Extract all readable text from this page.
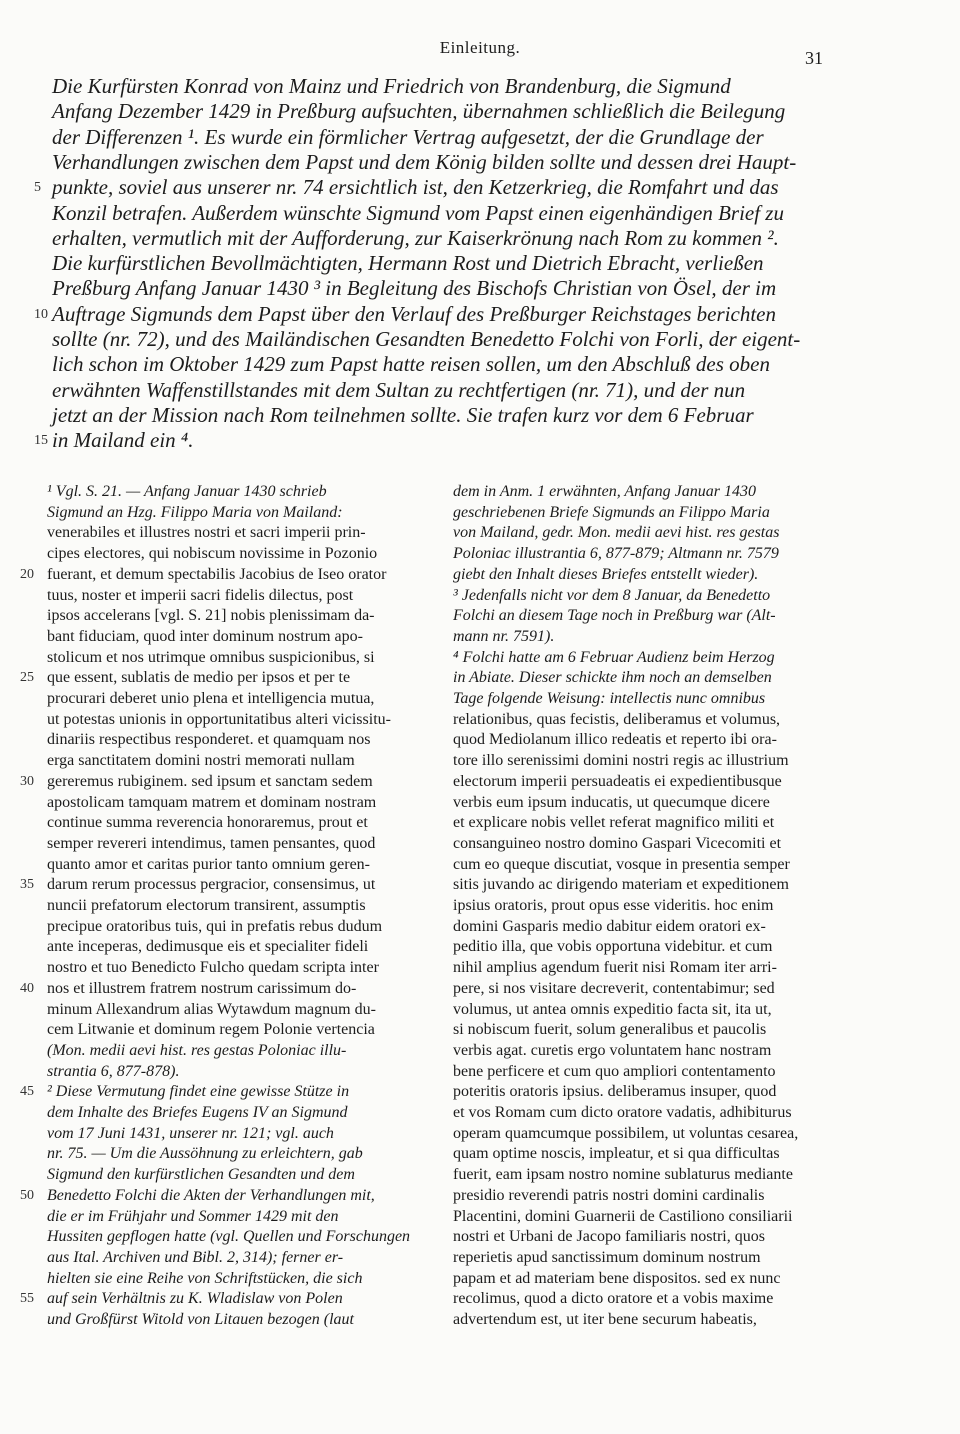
Einleitung.
31
Die Kurfürsten Konrad von Mainz und Friedrich von Brandenburg, die Sigmund
Anfang Dezember 1429 in Preßburg aufsuchten, übernahmen schließlich die Beilegung
der Differenzen ¹. Es wurde ein förmlicher Vertrag aufgesetzt, der die Grundlage der
Verhandlungen zwischen dem Papst und dem König bilden sollte und dessen drei Haupt-
punkte, soviel aus unserer nr. 74 ersichtlich ist, den Ketzerkrieg, die Romfahrt und das
5
Konzil betrafen. Außerdem wünschte Sigmund vom Papst einen eigenhändigen Brief zu
erhalten, vermutlich mit der Aufforderung, zur Kaiserkrönung nach Rom zu kommen ².
Die kurfürstlichen Bevollmächtigten, Hermann Rost und Dietrich Ebracht, verließen
Preßburg Anfang Januar 1430 ³ in Begleitung des Bischofs Christian von Ösel, der im
Auftrage Sigmunds dem Papst über den Verlauf des Preßburger Reichstages berichten
10
sollte (nr. 72), und des Mailändischen Gesandten Benedetto Folchi von Forli, der eigent-
lich schon im Oktober 1429 zum Papst hatte reisen sollen, um den Abschluß des oben
erwähnten Waffenstillstandes mit dem Sultan zu rechtfertigen (nr. 71), und der nun
jetzt an der Mission nach Rom teilnehmen sollte. Sie trafen kurz vor dem 6 Februar
in Mailand ein ⁴.
15
¹ Vgl. S. 21. — Anfang Januar 1430 schrieb
Sigmund an Hzg. Filippo Maria von Mailand:
venerabiles et illustres nostri et sacri imperii prin-
cipes electores, qui nobiscum novissime in Pozonio
fuerant, et demum spectabilis Jacobius de Iseo orator
20
tuus, noster et imperii sacri fidelis dilectus, post
ipsos accelerans [vgl. S. 21] nobis plenissimam da-
bant fiduciam, quod inter dominum nostrum apo-
stolicum et nos utrimque omnibus suspicionibus, si
que essent, sublatis de medio per ipsos et per te
25
procurari deberet unio plena et intelligencia mutua,
ut potestas unionis in opportunitatibus alteri vicissitu-
dinariis respectibus responderet. et quamquam nos
erga sanctitatem domini nostri memorati nullam
gereremus rubiginem. sed ipsum et sanctam sedem
30
apostolicam tamquam matrem et dominam nostram
continue summa reverencia honoraremus, prout et
semper revereri intendimus, tamen pensantes, quod
quanto amor et caritas purior tanto omnium geren-
darum rerum processus pergracior, consensimus, ut
35
nuncii prefatorum electorum transirent, assumptis
precipue oratoribus tuis, qui in prefatis rebus dudum
ante inceperas, dedimusque eis et specialiter fideli
nostro et tuo Benedicto Fulcho quedam scripta inter
nos et illustrem fratrem nostrum carissimum do-
40
minum Allexandrum alias Wytawdum magnum du-
cem Litwanie et dominum regem Polonie vertencia
(Mon. medii aevi hist. res gestas Poloniac illu-
strantia 6, 877-878).
² Diese Vermutung findet eine gewisse Stütze in
45
dem Inhalte des Briefes Eugens IV an Sigmund
vom 17 Juni 1431, unserer nr. 121; vgl. auch
nr. 75. — Um die Aussöhnung zu erleichtern, gab
Sigmund den kurfürstlichen Gesandten und dem
Benedetto Folchi die Akten der Verhandlungen mit,
50
die er im Frühjahr und Sommer 1429 mit den
Hussiten gepflogen hatte (vgl. Quellen und Forschungen
aus Ital. Archiven und Bibl. 2, 314); ferner er-
hielten sie eine Reihe von Schriftstücken, die sich
auf sein Verhältnis zu K. Wladislaw von Polen
55
und Großfürst Witold von Litauen bezogen (laut
dem in Anm. 1 erwähnten, Anfang Januar 1430
geschriebenen Briefe Sigmunds an Filippo Maria
von Mailand, gedr. Mon. medii aevi hist. res gestas
Poloniac illustrantia 6, 877-879; Altmann nr. 7579
giebt den Inhalt dieses Briefes entstellt wieder).
³ Jedenfalls nicht vor dem 8 Januar, da Benedetto
Folchi an diesem Tage noch in Preßburg war (Alt-
mann nr. 7591).
⁴ Folchi hatte am 6 Februar Audienz beim Herzog
in Abiate. Dieser schickte ihm noch an demselben
Tage folgende Weisung: intellectis nunc omnibus
relationibus, quas fecistis, deliberamus et volumus,
quod Mediolanum illico redeatis et reperto ibi ora-
tore illo serenissimi domini nostri regis ac illustrium
electorum imperii persuadeatis ei expedientibusque
verbis eum ipsum inducatis, ut quecumque dicere
et explicare nobis vellet referat magnifico militi et
consanguineo nostro domino Gaspari Vicecomiti et
cum eo queque discutiat, vosque in presentia semper
sitis juvando ac dirigendo materiam et expeditionem
ipsius oratoris, prout opus esse videritis. hoc enim
domini Gasparis medio dabitur eidem oratori ex-
peditio illa, que vobis opportuna videbitur. et cum
nihil amplius agendum fuerit nisi Romam iter arri-
pere, si nos visitare decreverit, contentabimur; sed
volumus, ut antea omnis expeditio facta sit, ita ut,
si nobiscum fuerit, solum generalibus et paucolis
verbis agat. curetis ergo voluntatem hanc nostram
bene perficere et cum quo ampliori contentamento
poteritis oratoris ipsius. deliberamus insuper, quod
et vos Romam cum dicto oratore vadatis, adhibiturus
operam quamcumque possibilem, ut voluntas cesarea,
quam optime noscis, impleatur, et si qua difficultas
fuerit, eam ipsam nostro nomine sublaturus mediante
presidio reverendi patris nostri domini cardinalis
Placentini, domini Guarnerii de Castiliono consiliarii
nostri et Urbani de Jacopo familiaris nostri, quos
reperietis apud sanctissimum dominum nostrum
papam et ad materiam bene dispositos. sed ex nunc
recolimus, quod a dicto oratore et a vobis maxime
advertendum est, ut iter bene securum habeatis,
